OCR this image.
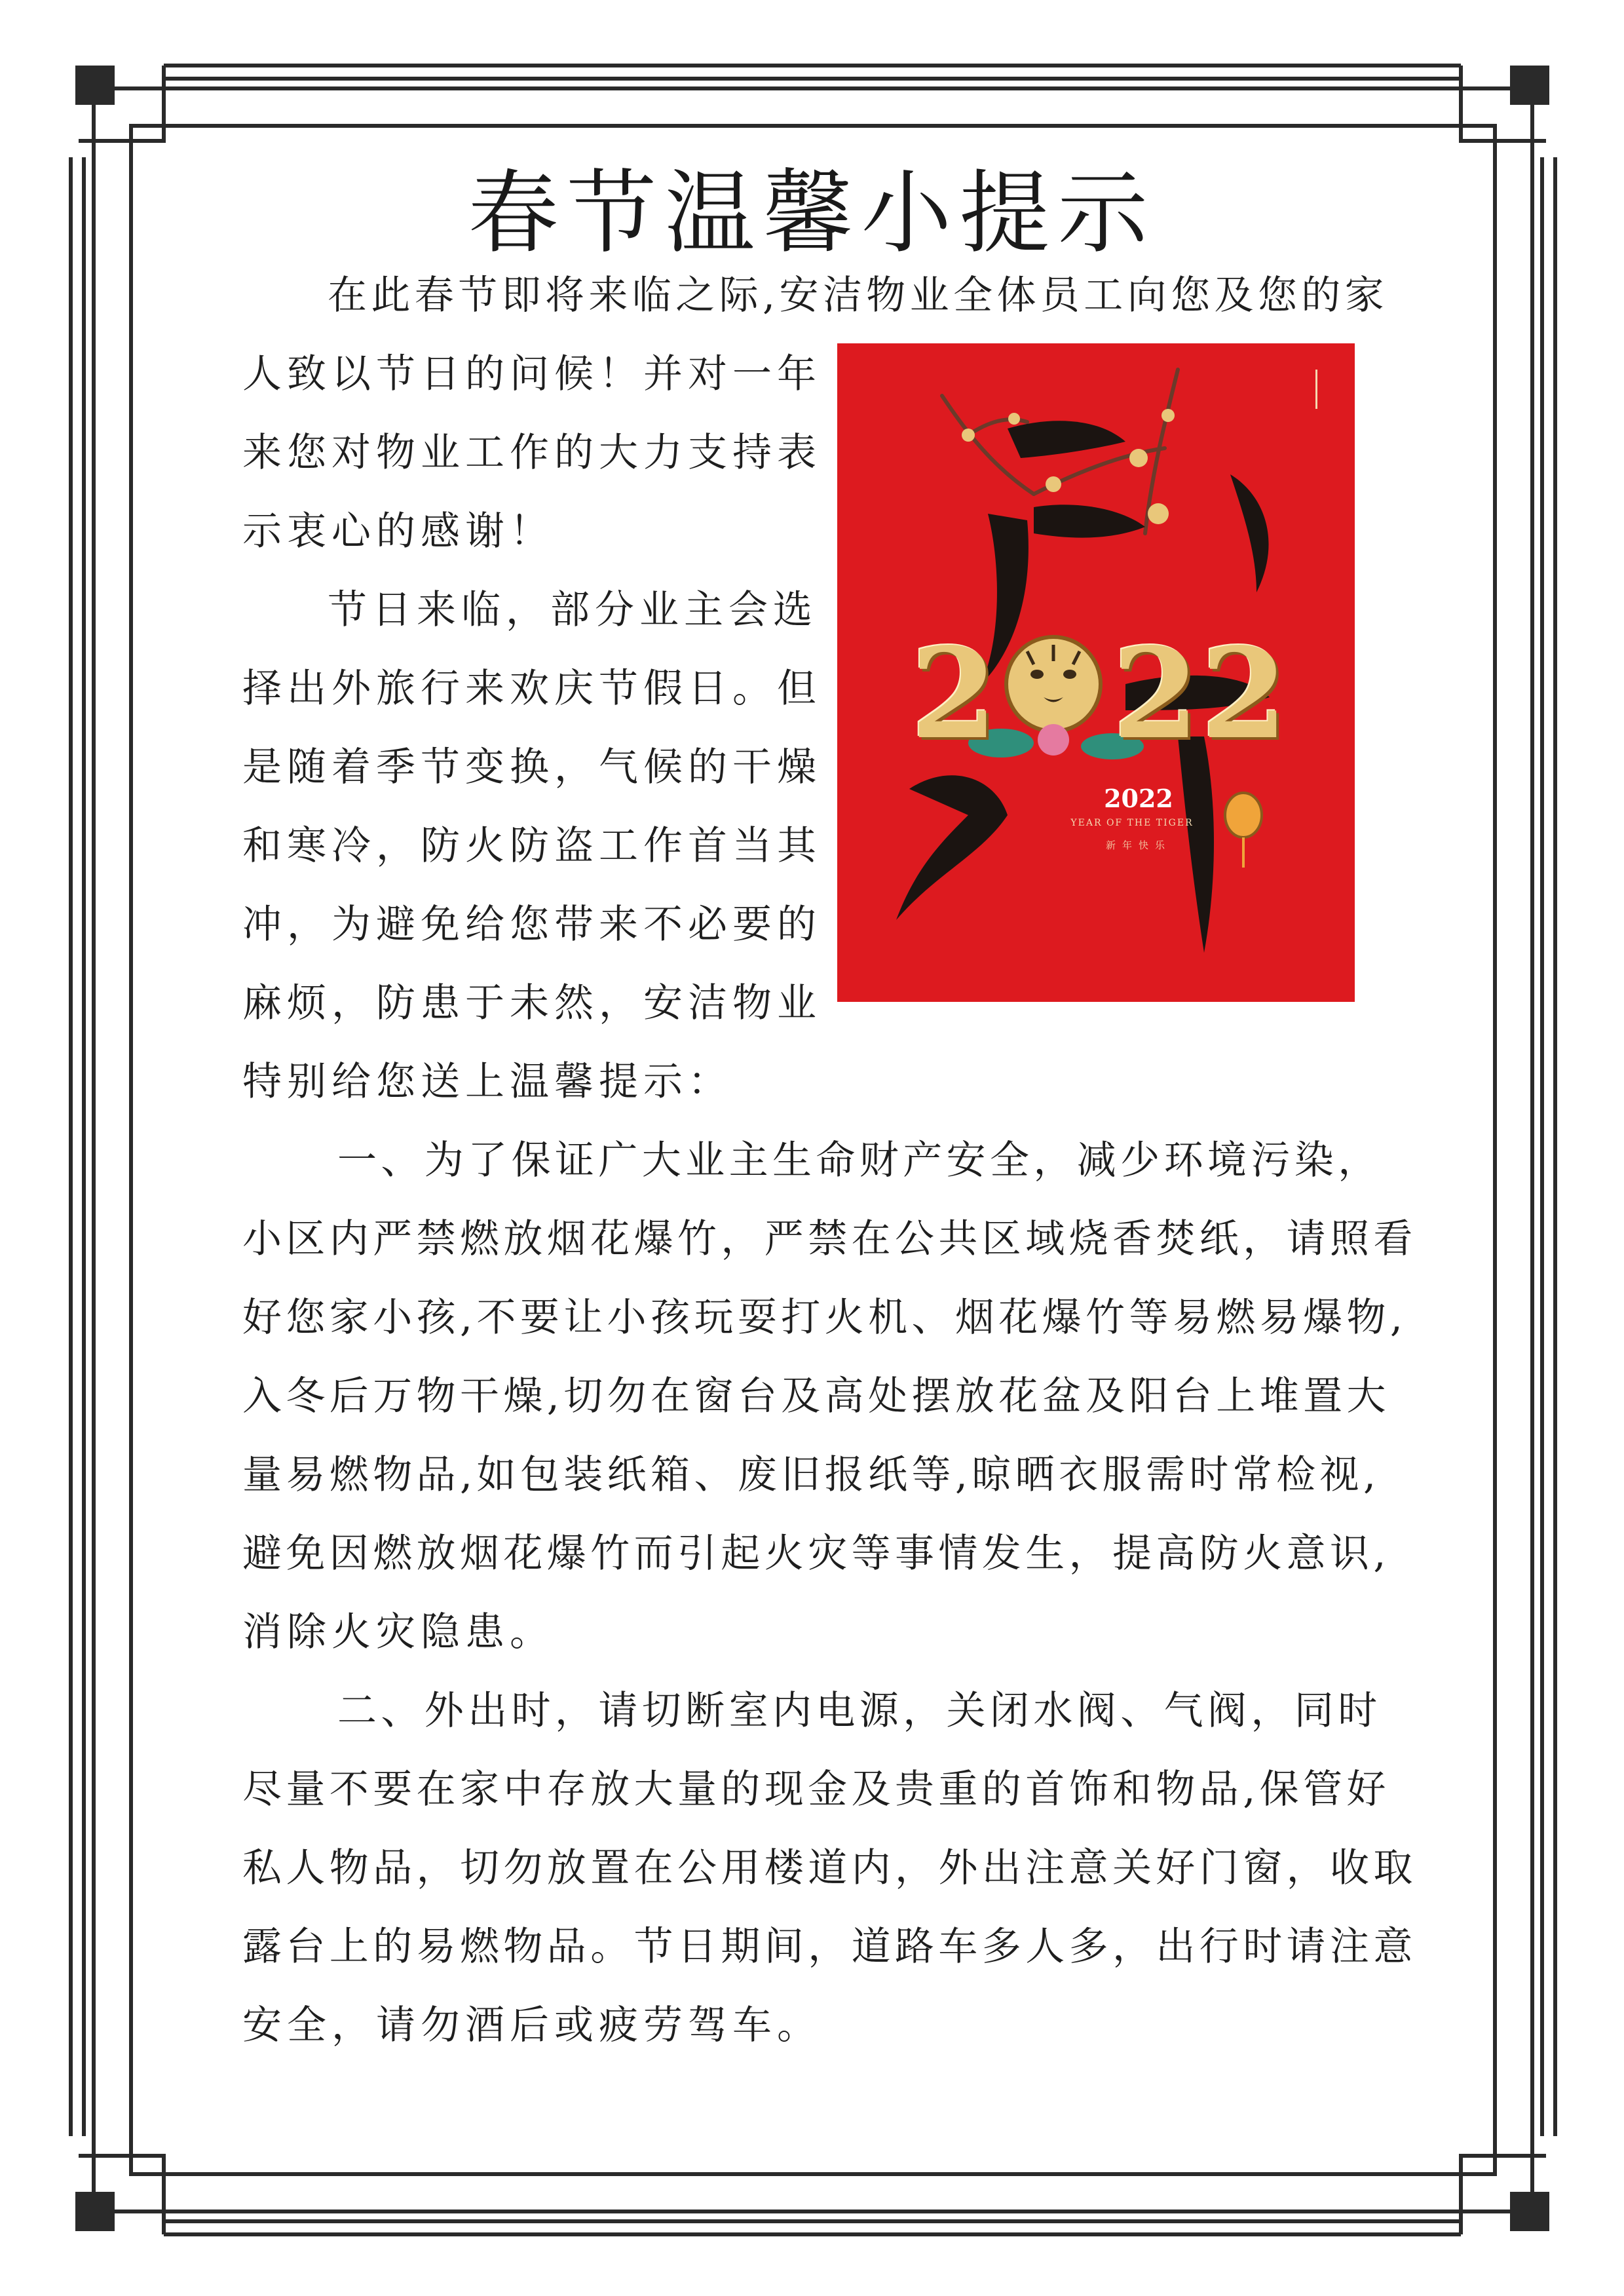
春节温馨小提示
在此春节即将来临之际,安洁物业全体员工向您及您的家
人致以节日的问候！并对一年
来您对物业工作的大力支持表
示衷心的感谢！
节日来临，部分业主会选
择出外旅行来欢庆节假日。但
是随着季节变换，气候的干燥
和寒冷，防火防盗工作首当其
冲，为避免给您带来不必要的
麻烦，防患于未然，安洁物业
特别给您送上温馨提示：
一、为了保证广大业主生命财产安全，减少环境污染，
小区内严禁燃放烟花爆竹，严禁在公共区域烧香焚纸，请照看
好您家小孩,不要让小孩玩耍打火机、烟花爆竹等易燃易爆物,
入冬后万物干燥,切勿在窗台及高处摆放花盆及阳台上堆置大
量易燃物品,如包装纸箱、废旧报纸等,晾晒衣服需时常检视,
避免因燃放烟花爆竹而引起火灾等事情发生，提高防火意识,
消除火灾隐患。
二、外出时，请切断室内电源，关闭水阀、气阀，同时
尽量不要在家中存放大量的现金及贵重的首饰和物品,保管好
私人物品，切勿放置在公用楼道内，外出注意关好门窗，收取
露台上的易燃物品。节日期间，道路车多人多，出行时请注意
安全，请勿酒后或疲劳驾车。
2 2 2
2022
YEAR OF THE TIGER
新年快乐
